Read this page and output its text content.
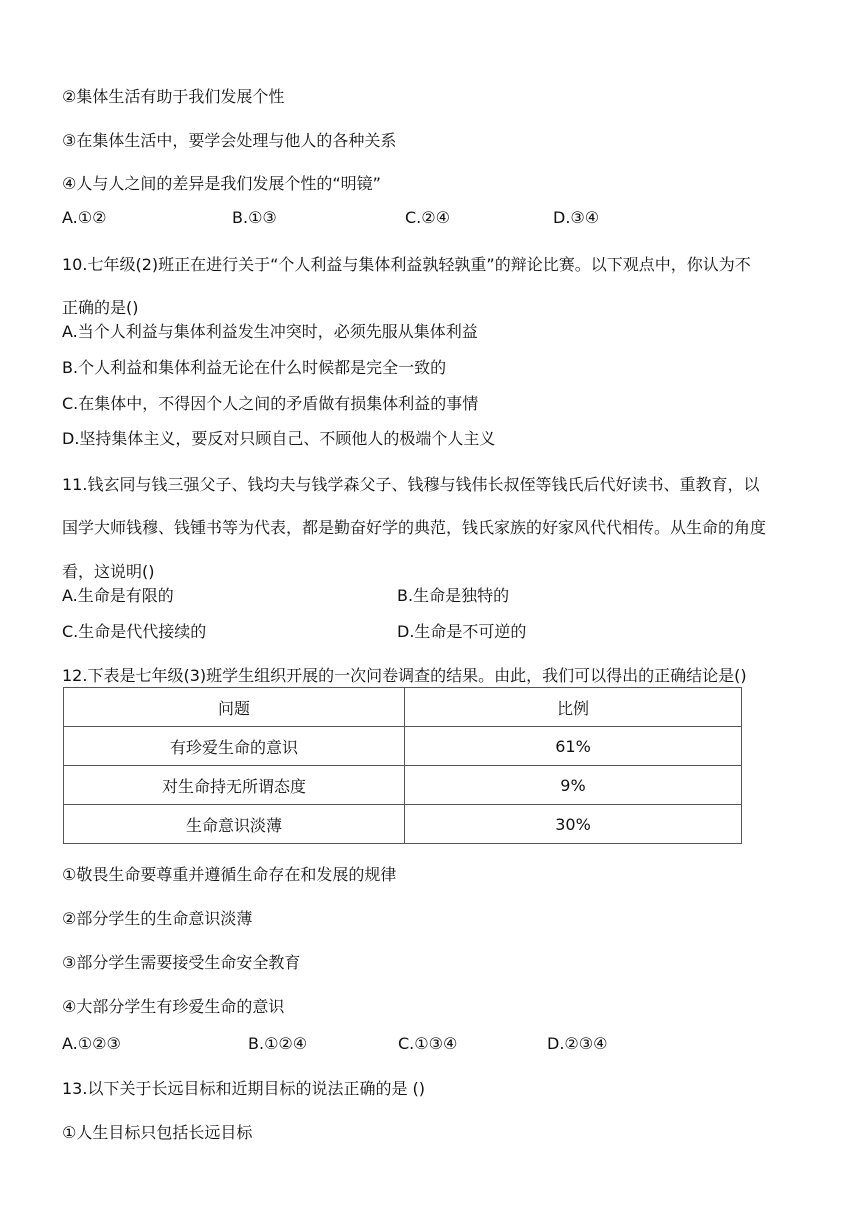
②集体生活有助于我们发展个性
③在集体生活中，要学会处理与他人的各种关系
④人与人之间的差异是我们发展个性的“明镜”
A.①②	B.①③	C.②④	D.③④
10.七年级(2)班正在进行关于“个人利益与集体利益孰轻孰重”的辩论比赛。以下观点中，你认为不
正确的是()
A.当个人利益与集体利益发生冲突时，必须先服从集体利益
B.个人利益和集体利益无论在什么时候都是完全一致的
C.在集体中，不得因个人之间的矛盾做有损集体利益的事情
D.坚持集体主义，要反对只顾自己、不顾他人的极端个人主义
11.钱玄同与钱三强父子、钱均夫与钱学森父子、钱穆与钱伟长叔侄等钱氏后代好读书、重教育，以
国学大师钱穆、钱锺书等为代表，都是勤奋好学的典范，钱氏家族的好家风代代相传。从生命的角度
看，这说明()
A.生命是有限的	B.生命是独特的
C.生命是代代接续的	D.生命是不可逆的
12.下表是七年级(3)班学生组织开展的一次问卷调查的结果。由此，我们可以得出的正确结论是()
问题	比例
有珍爱生命的意识	61%
对生命持无所谓态度	9%
生命意识淡薄	30%
①敬畏生命要尊重并遵循生命存在和发展的规律
②部分学生的生命意识淡薄
③部分学生需要接受生命安全教育
④大部分学生有珍爱生命的意识
A.①②③	B.①②④	C.①③④	D.②③④
13.以下关于长远目标和近期目标的说法正确的是 ()
①人生目标只包括长远目标
